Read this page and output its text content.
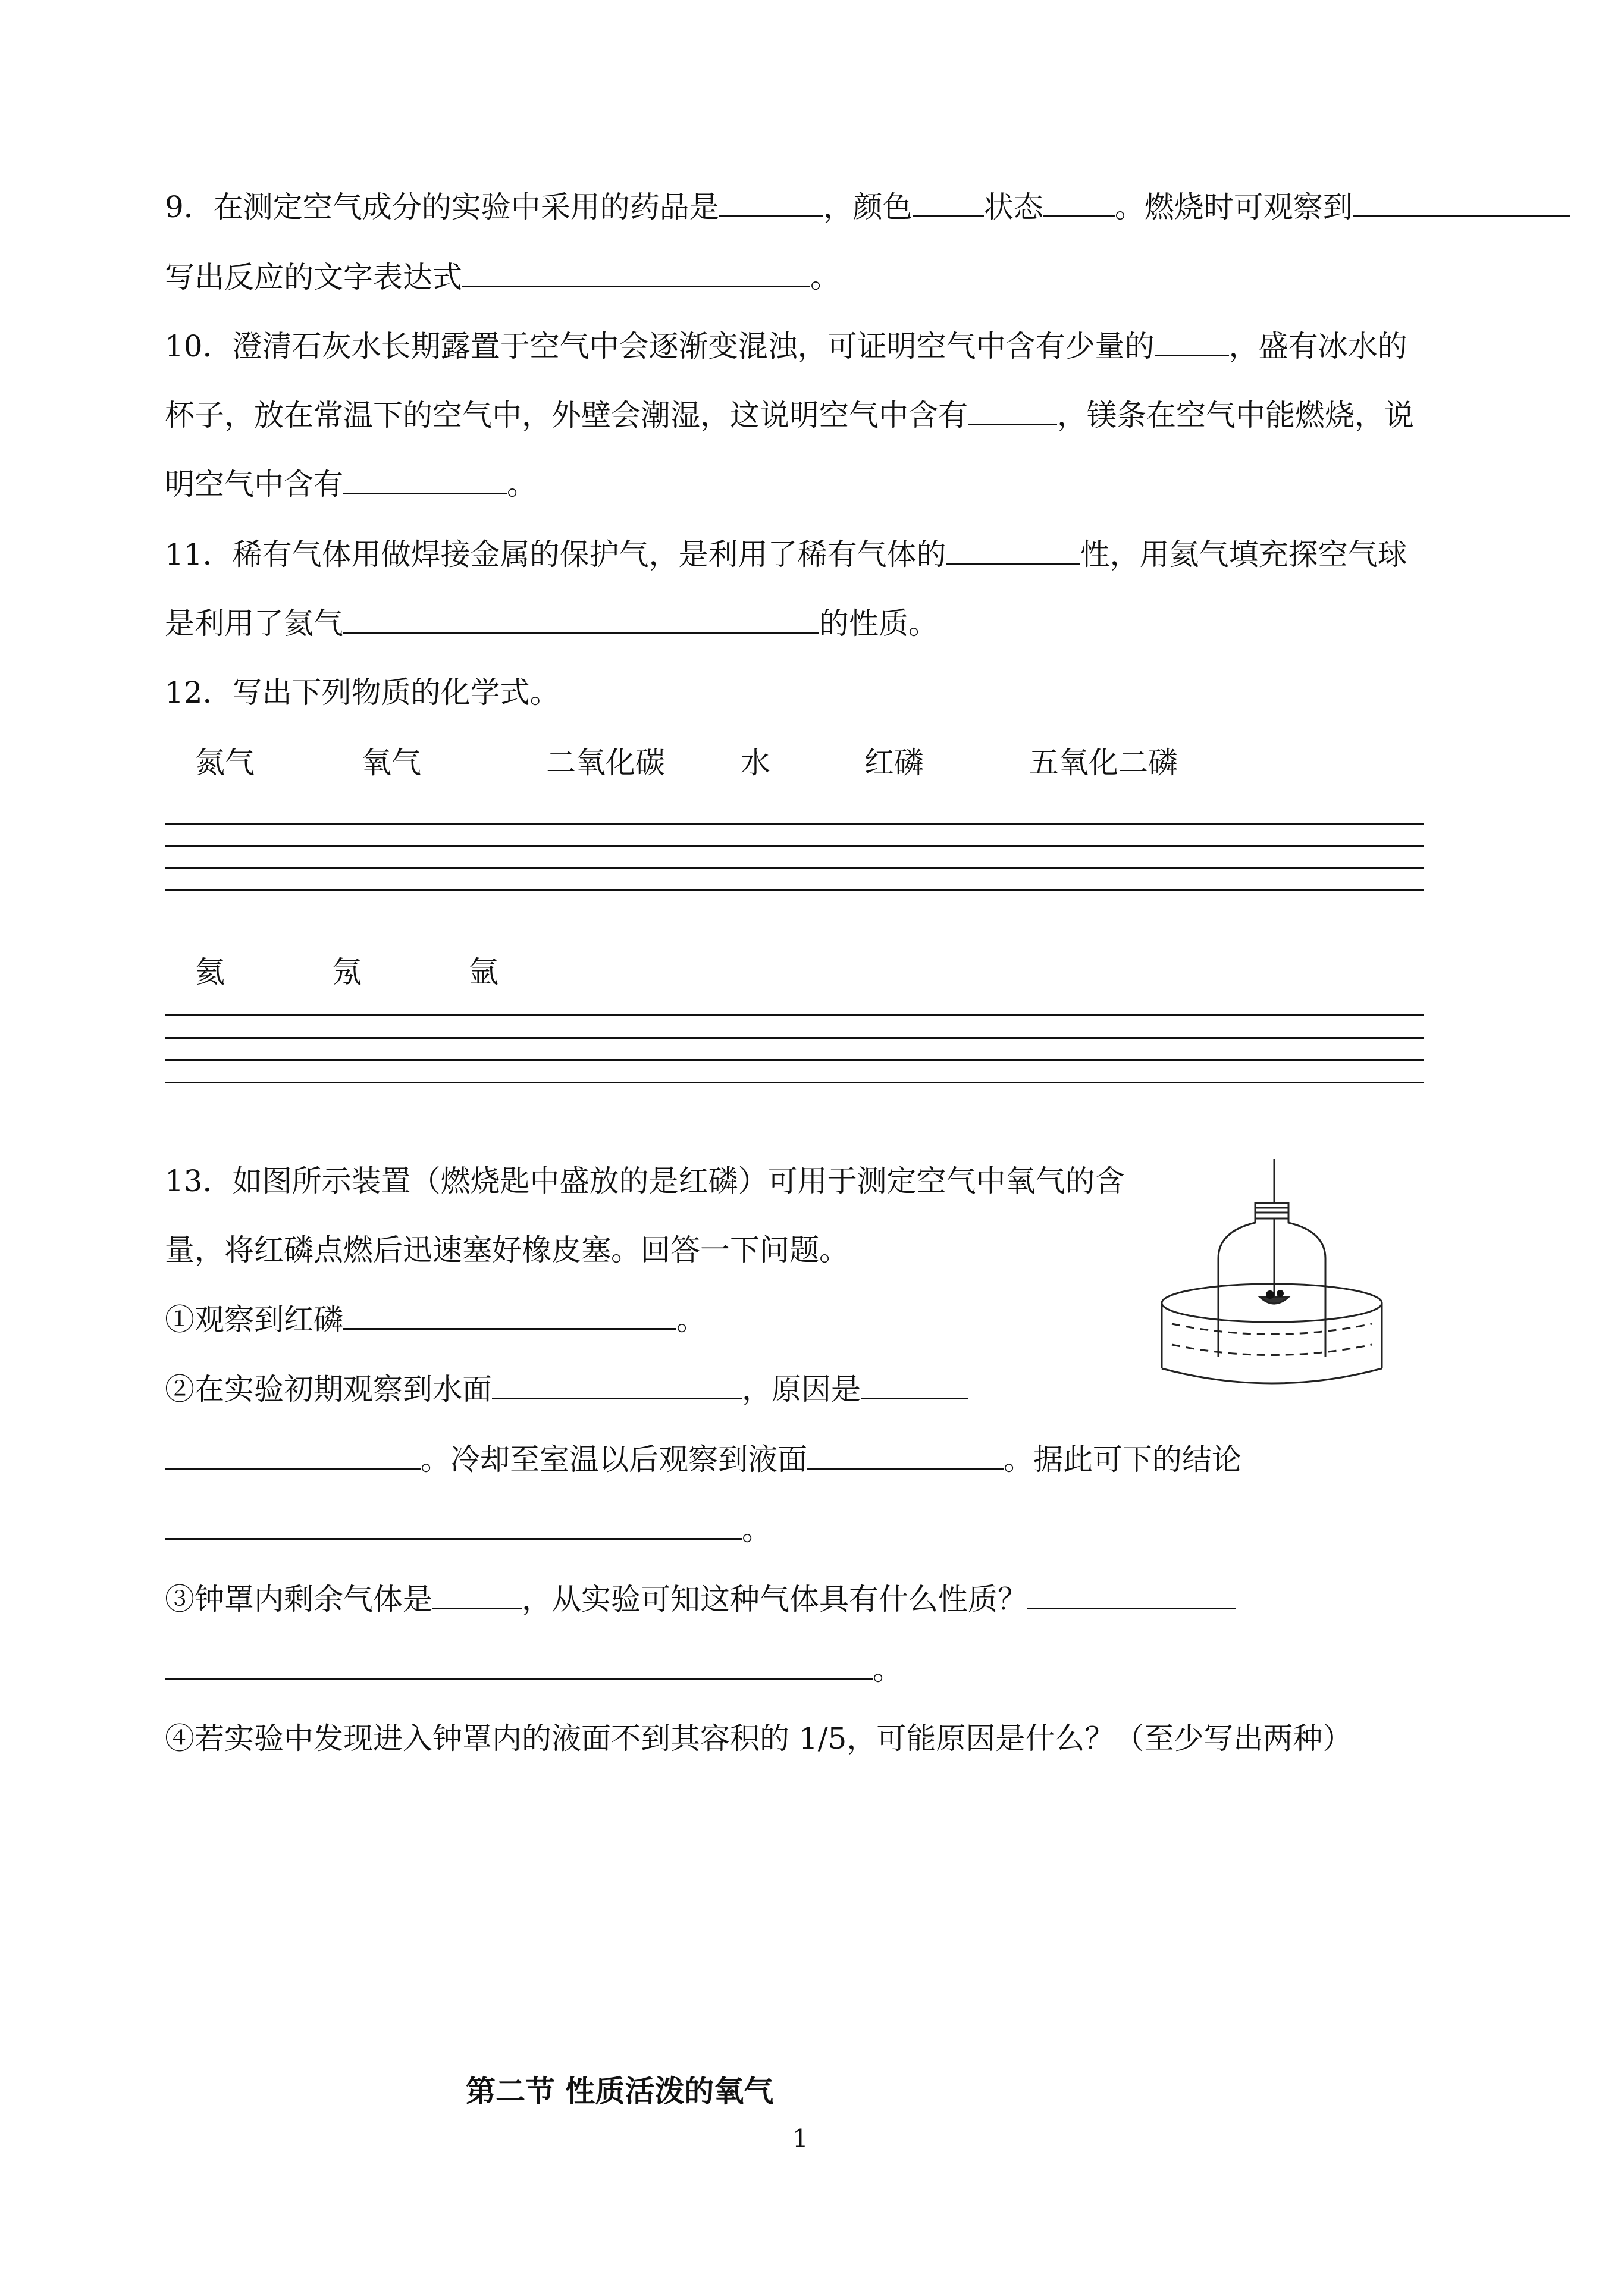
9．在测定空气成分的实验中采用的药品是	，颜色 状态 。燃烧时可观察到
写出反应的文字表达式	。
10．澄清石灰水长期露置于空气中会逐渐变混浊，可证明空气中含有少量的	，盛有冰水的
杯子，放在常温下的空气中，外壁会潮湿，这说明空气中含有	，镁条在空气中能燃烧，说
明空气中含有	。
11．稀有气体用做焊接金属的保护气，是利用了稀有气体的	性，用氦气填充探空气球
是利用了氦气	的性质。
12．写出下列物质的化学式。
氮气	氧气	二氧化碳	水	红磷	五氧化二磷
氦	氖	氩
13．如图所示装置（燃烧匙中盛放的是红磷）可用于测定空气中氧气的含
量，将红磷点燃后迅速塞好橡皮塞。回答一下问题。
①观察到红磷	。
②在实验初期观察到水面	，原因是
。冷却至室温以后观察到液面	。据此可下的结论
。
③钟罩内剩余气体是	，从实验可知这种气体具有什么性质？
。
④若实验中发现进入钟罩内的液面不到其容积的 1/5，可能原因是什么？（至少写出两种）
第二节 性质活泼的氧气
1
